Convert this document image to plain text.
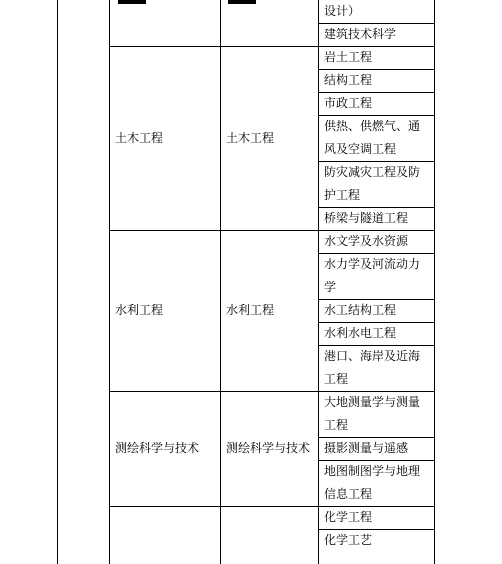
设计）
建筑技术科学
岩土工程
结构工程
市政工程
供热、供燃气、通
风及空调工程
防灾减灾工程及防
护工程
桥梁与隧道工程
土木工程	土木工程
水文学及水资源
水力学及河流动力
学
水工结构工程
水利水电工程
港口、海岸及近海
工程
水利工程	水利工程
大地测量学与测量
工程
摄影测量与遥感
地图制图学与地理
信息工程
测绘科学与技术 测绘科学与技术
化学工程
化学工艺
